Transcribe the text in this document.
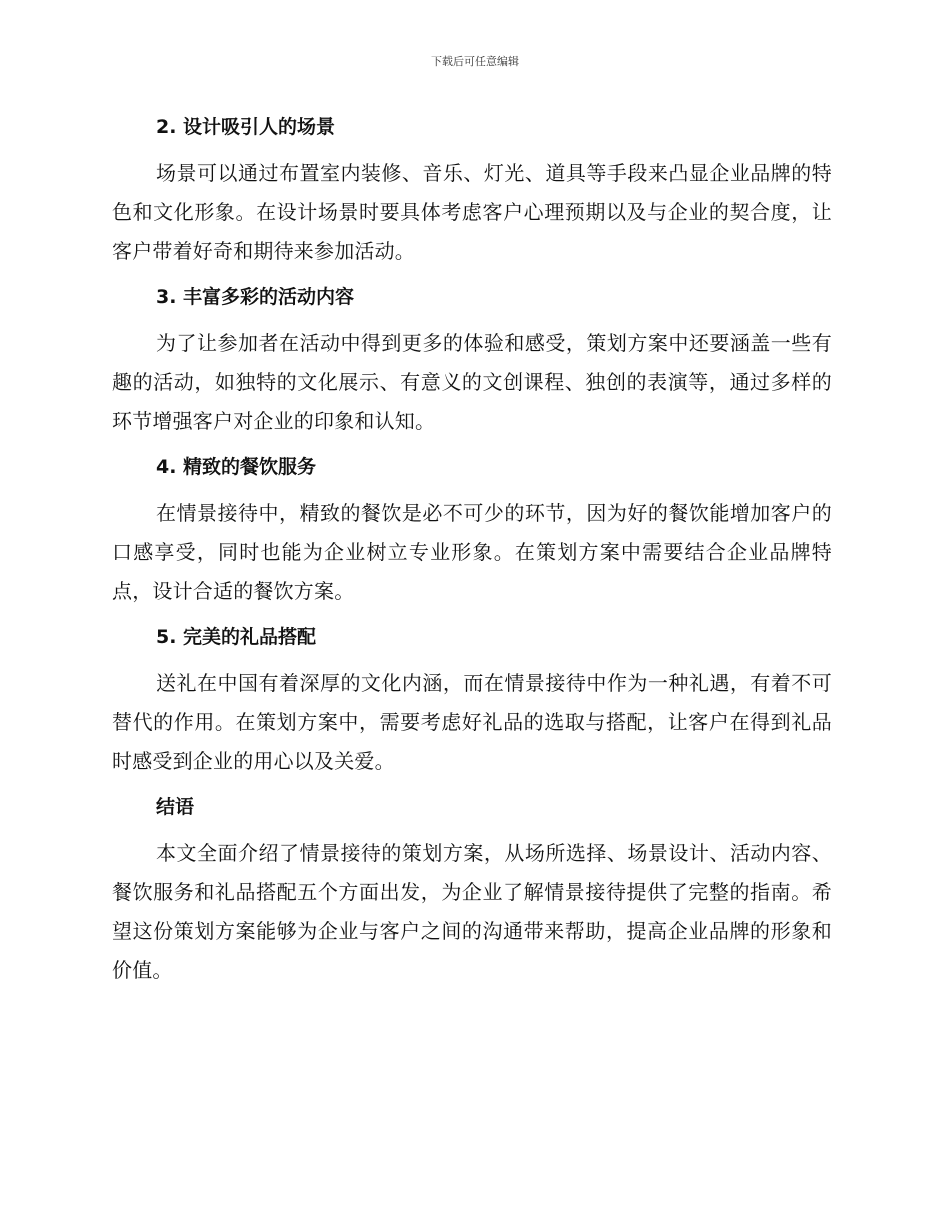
下载后可任意编辑
2. 设计吸引人的场景

场景可以通过布置室内装修、音乐、灯光、道具等手段来凸显企业品牌的特色和文化形象。在设计场景时要具体考虑客户心理预期以及与企业的契合度，让客户带着好奇和期待来参加活动。

3. 丰富多彩的活动内容

为了让参加者在活动中得到更多的体验和感受，策划方案中还要涵盖一些有趣的活动，如独特的文化展示、有意义的文创课程、独创的表演等，通过多样的环节增强客户对企业的印象和认知。

4. 精致的餐饮服务

在情景接待中，精致的餐饮是必不可少的环节，因为好的餐饮能增加客户的口感享受，同时也能为企业树立专业形象。在策划方案中需要结合企业品牌特点，设计合适的餐饮方案。

5. 完美的礼品搭配

送礼在中国有着深厚的文化内涵，而在情景接待中作为一种礼遇，有着不可替代的作用。在策划方案中，需要考虑好礼品的选取与搭配，让客户在得到礼品时感受到企业的用心以及关爱。

结语

本文全面介绍了情景接待的策划方案，从场所选择、场景设计、活动内容、餐饮服务和礼品搭配五个方面出发，为企业了解情景接待提供了完整的指南。希望这份策划方案能够为企业与客户之间的沟通带来帮助，提高企业品牌的形象和价值。
